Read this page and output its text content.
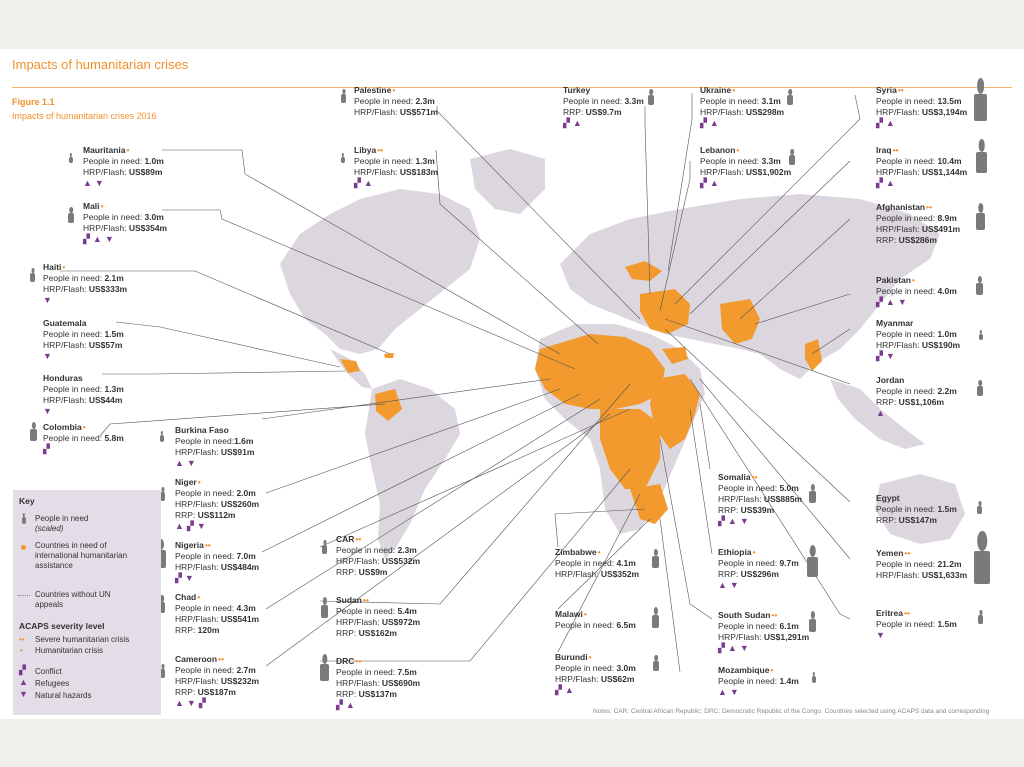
Impacts of humanitarian crises
Figure 1.1
Impacts of humanitarian crises 2016
Palestine•
People in need: 2.3m
HRP/Flash: US$571m
Turkey
People in need: 3.3m
RRP: US$9.7m
▞ ▲
Ukraine•
People in need: 3.1m
HRP/Flash: US$298m
▞ ▲
Syria••
People in need: 13.5m
HRP/Flash: US$3,194m
▞ ▲
Mauritania•
People in need: 1.0m
HRP/Flash: US$89m
▲ ▼
Libya••
People in need: 1.3m
HRP/Flash: US$183m
▞ ▲
Lebanon•
People in need: 3.3m
HRP/Flash: US$1,902m
▞ ▲
Iraq••
People in need: 10.4m
HRP/Flash: US$1,144m
▞ ▲
Mali•
People in need: 3.0m
HRP/Flash: US$354m
▞ ▲ ▼
Afghanistan••
People in need: 8.9m
HRP/Flash: US$491m
RRP: US$286m
Haiti•
People in need: 2.1m
HRP/Flash: US$333m
▼
Pakistan•
People in need: 4.0m
▞ ▲ ▼
Guatemala
People in need: 1.5m
HRP/Flash: US$57m
▼
Myanmar
People in need: 1.0m
HRP/Flash: US$190m
▞ ▼
Honduras
People in need: 1.3m
HRP/Flash: US$44m
▼
Jordan
People in need: 2.2m
RRP: US$1,106m
▲
Colombia•
People in need: 5.8m
▞
Burkina Faso
People in need:1.6m
HRP/Flash: US$91m
▲ ▼
Somalia••
People in need: 5.0m
HRP/Flash: US$885m
RRP: US$39m
▞ ▲ ▼
Niger•
People in need: 2.0m
HRP/Flash: US$260m
RRP: US$112m
▲ ▞ ▼
Egypt
People in need: 1.5m
RRP: US$147m
CAR••
People in need: 2.3m
HRP/Flash: US$532m
RRP: US$9m
Nigeria••
People in need: 7.0m
HRP/Flash: US$484m
▞ ▼
Zimbabwe•
People in need: 4.1m
HRP/Flash: US$352m
Ethiopia•
People in need: 9.7m
RRP: US$296m
▲ ▼
Yemen••
People in need: 21.2m
HRP/Flash: US$1,633m
Chad•
People in need: 4.3m
HRP/Flash: US$541m
RRP: 120m
Sudan••
People in need: 5.4m
HRP/Flash: US$972m
RRP: US$162m
Malawi•
People in need: 6.5m
South Sudan••
People in need: 6.1m
HRP/Flash: US$1,291m
▞ ▲ ▼
Eritrea••
People in need: 1.5m
▼
Cameroon••
People in need: 2.7m
HRP/Flash: US$232m
RRP: US$187m
▲ ▼ ▞
DRC••
People in need: 7.5m
HRP/Flash: US$690m
RRP: US$137m
▞ ▲
Burundi•
People in need: 3.0m
HRP/Flash: US$62m
▞ ▲
Mozambique•
People in need: 1.4m
▲ ▼
Key
People in need
(scaled)
Countries in need of international humanitarian assistance
Countries without UN appeals
ACAPS severity level
•• Severe humanitarian crisis
• Humanitarian crisis
▞ Conflict
▲ Refugees
▼ Natural hazards
Notes: CAR: Central African Republic; DRC: Democratic Republic of the Congo. Countries selected using ACAPS data and corresponding
